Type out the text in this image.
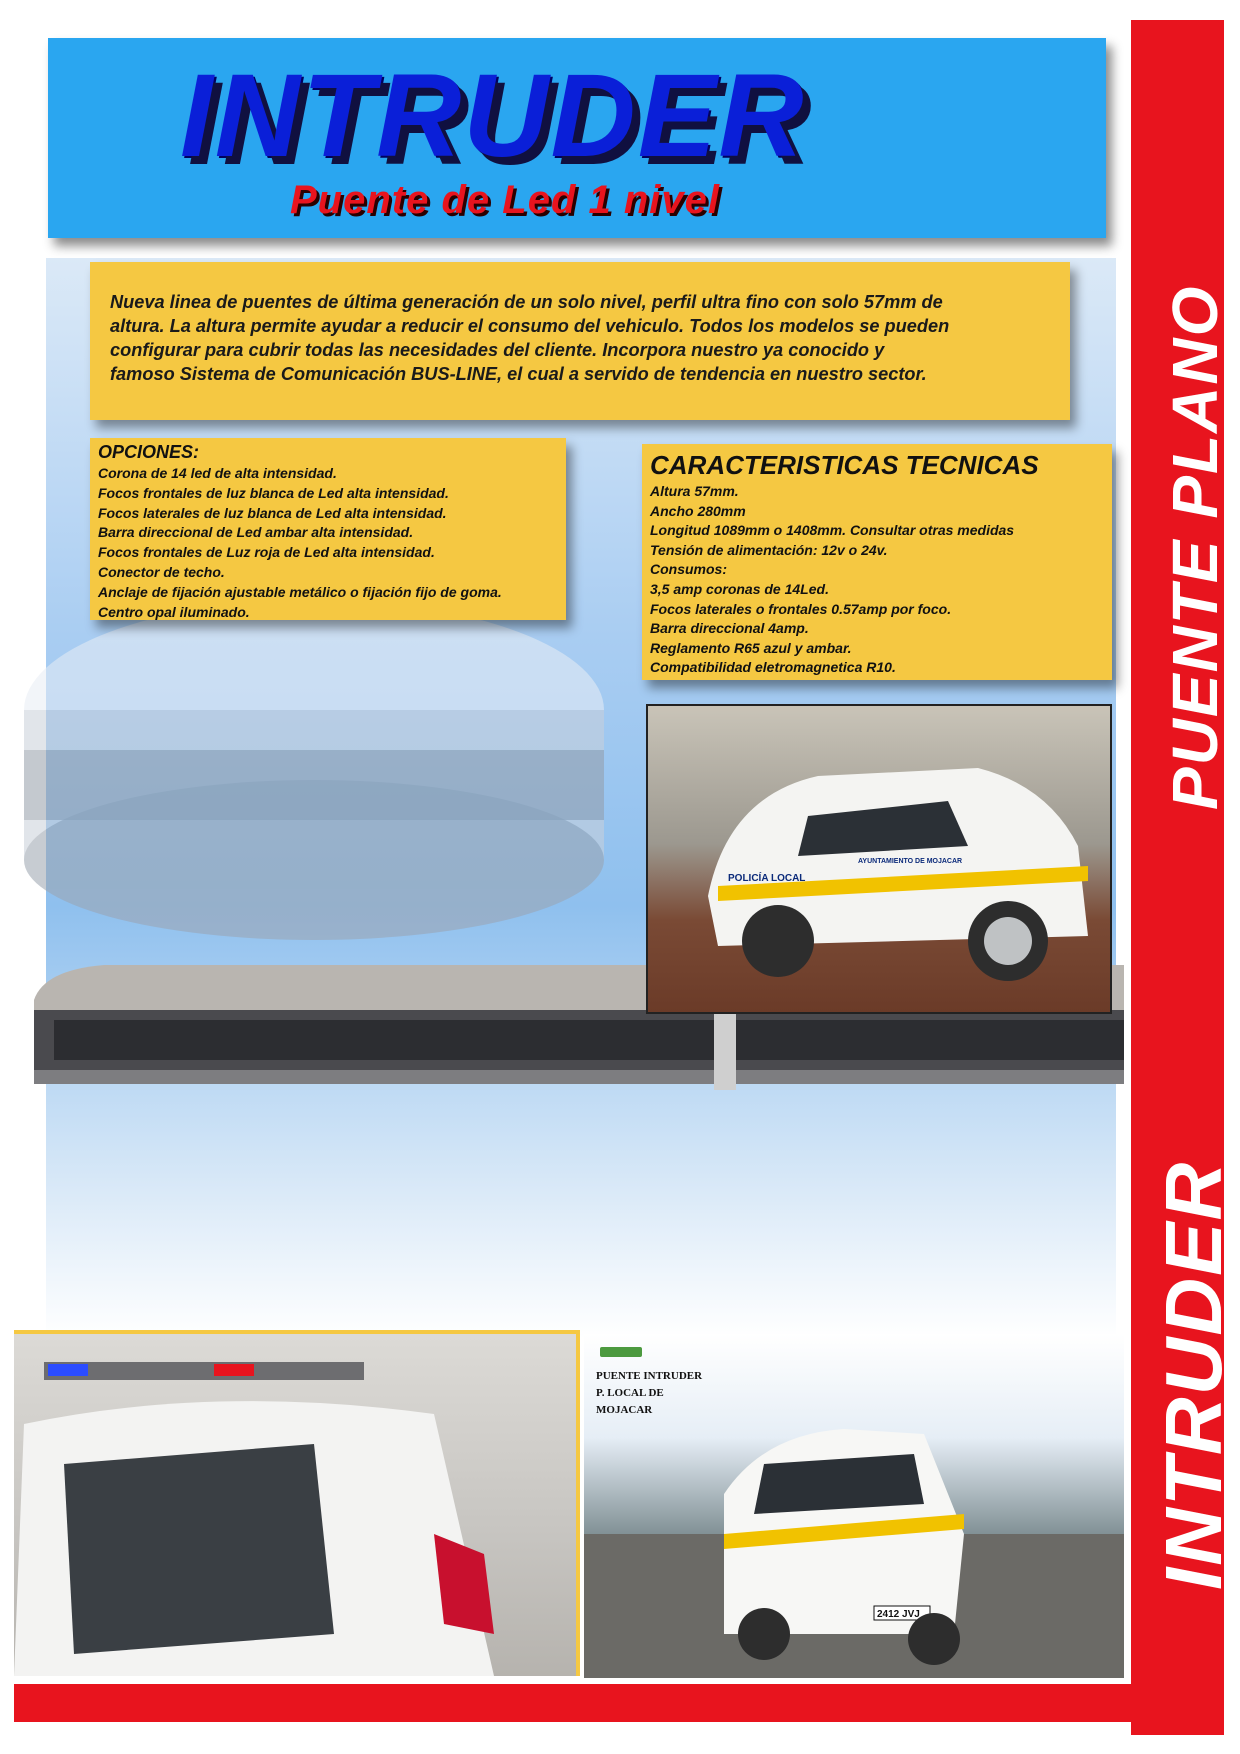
INTRUDER
PUENTE PLANO
INTRUDER
Puente de Led 1 nivel
Nueva linea de puentes de última generación de un solo nivel, perfil ultra fino con solo 57mm de
altura. La altura permite ayudar a reducir el consumo del vehiculo. Todos los modelos se pueden
configurar para cubrir todas las necesidades del cliente. Incorpora nuestro ya conocido y
famoso Sistema de Comunicación BUS-LINE, el cual a servido de tendencia en nuestro sector.
OPCIONES:
Corona de 14 led de alta intensidad.
Focos frontales de luz blanca de Led alta intensidad.
Focos laterales de luz blanca de Led alta intensidad.
Barra direccional de Led ambar alta intensidad.
Focos frontales de Luz roja de Led alta intensidad.
Conector de techo.
Anclaje de fijación ajustable metálico o fijación fijo de goma.
Centro opal iluminado.
CARACTERISTICAS TECNICAS
Altura 57mm.
Ancho 280mm
Longitud 1089mm o 1408mm. Consultar otras medidas
Tensión de alimentación: 12v o 24v.
Consumos:
3,5 amp coronas de 14Led.
Focos laterales o frontales 0.57amp por foco.
Barra direccional 4amp.
Reglamento R65 azul y ambar.
Compatibilidad eletromagnetica R10.
POLICÍA LOCAL
AYUNTAMIENTO DE MOJACAR
2412 JVJ
PUENTE INTRUDER
P. LOCAL DE
MOJACAR
